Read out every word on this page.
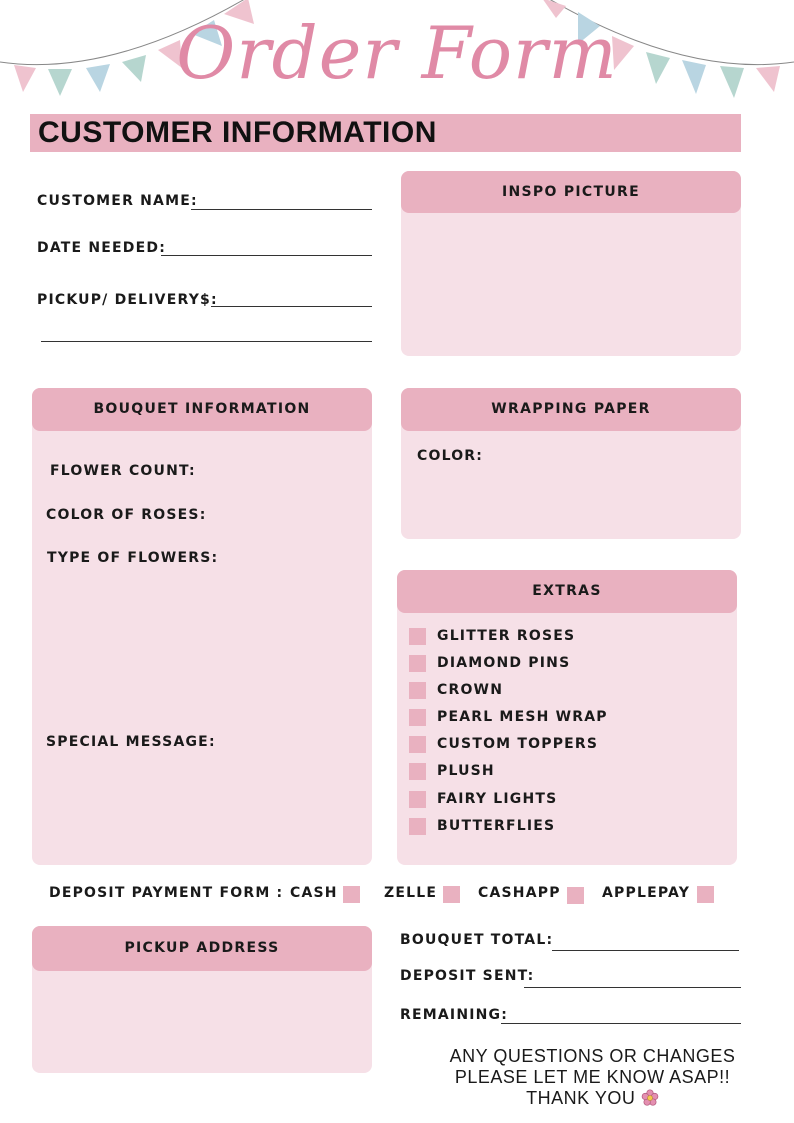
Order Form
CUSTOMER INFORMATION
CUSTOMER NAME:
DATE NEEDED:
PICKUP/ DELIVERY$:
INSPO PICTURE
BOUQUET INFORMATION
FLOWER COUNT:
COLOR OF ROSES:
TYPE OF FLOWERS:
SPECIAL MESSAGE:
WRAPPING PAPER
COLOR:
EXTRAS
GLITTER ROSES
DIAMOND PINS
CROWN
PEARL MESH WRAP
CUSTOM TOPPERS
PLUSH
FAIRY LIGHTS
BUTTERFLIES
DEPOSIT PAYMENT FORM : CASH	ZELLE	CASHAPP	APPLEPAY
PICKUP ADDRESS	BOUQUET TOTAL:
DEPOSIT SENT:
REMAINING:
ANY QUESTIONS OR CHANGES
PLEASE LET ME KNOW ASAP!!
THANK YOU
